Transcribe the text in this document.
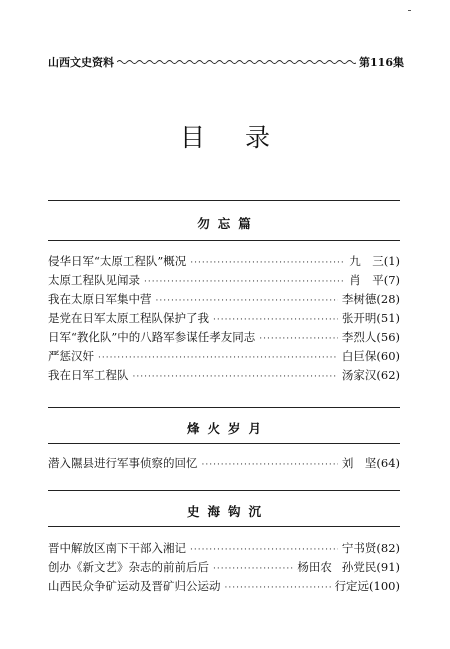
山西文史资料	第116集
目录
勿忘篇
侵华日军“太原工程队”概况 ·····	九　三(1)
太原工程队见闻录 ·····	肖　平(7)
我在太原日军集中营 ·····	李树德(28)
是党在日军太原工程队保护了我 ·····	张开明(51)
日军“教化队”中的八路军参谋任孝友同志 ·····	李烈人(56)
严惩汉奸 ·····	白巨保(60)
我在日军工程队 ·····	汤家汉(62)
烽火岁月
潜入隰县进行军事侦察的回忆 ·····	刘　坚(64)
史海钩沉
晋中解放区南下干部入湘记 ·····	宁书贤(82)
创办《新文艺》杂志的前前后后 ·····	杨田农 孙党民(91)
山西民众争矿运动及晋矿归公运动 ·····	行定远(100)
